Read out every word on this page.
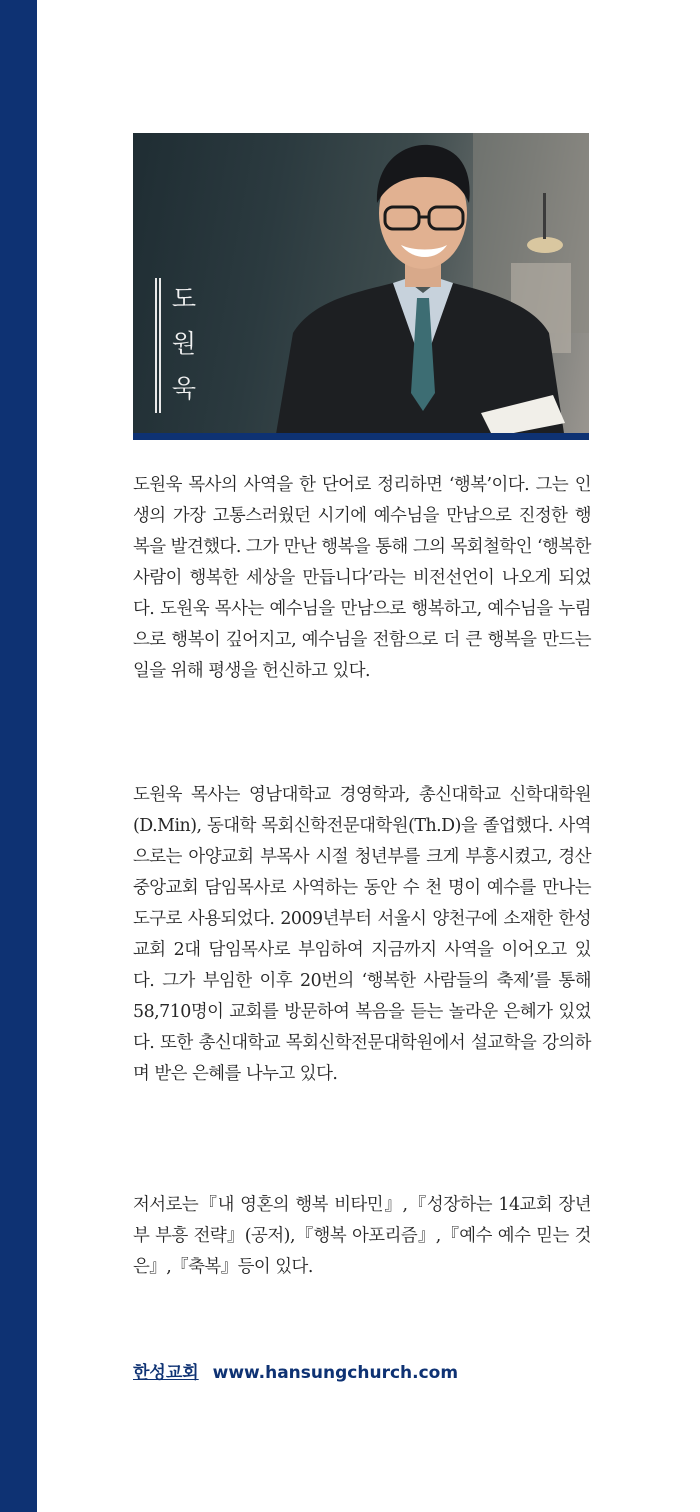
도원욱

도원욱 목사의 사역을 한 단어로 정리하면 ‘행복’이다. 그는 인생의 가장 고통스러웠던 시기에 예수님을 만남으로 진정한 행복을 발견했다. 그가 만난 행복을 통해 그의 목회철학인 ‘행복한 사람이 행복한 세상을 만듭니다’라는 비전선언이 나오게 되었다. 도원욱 목사는 예수님을 만남으로 행복하고, 예수님을 누림으로 행복이 깊어지고, 예수님을 전함으로 더 큰 행복을 만드는 일을 위해 평생을 헌신하고 있다.

도원욱 목사는 영남대학교 경영학과, 총신대학교 신학대학원(D.Min), 동대학 목회신학전문대학원(Th.D)을 졸업했다. 사역으로는 아양교회 부목사 시절 청년부를 크게 부흥시켰고, 경산중앙교회 담임목사로 사역하는 동안 수 천 명이 예수를 만나는 도구로 사용되었다. 2009년부터 서울시 양천구에 소재한 한성교회 2대 담임목사로 부임하여 지금까지 사역을 이어오고 있다. 그가 부임한 이후 20번의 ‘행복한 사람들의 축제’를 통해 58,710명이 교회를 방문하여 복음을 듣는 놀라운 은혜가 있었다. 또한 총신대학교 목회신학전문대학원에서 설교학을 강의하며 받은 은혜를 나누고 있다.

저서로는『내 영혼의 행복 비타민』,『성장하는 14교회 장년부 부흥 전략』(공저),『행복 아포리즘』,『예수 예수 믿는 것은』,『축복』등이 있다.

한성교회 www.hansungchurch.com
